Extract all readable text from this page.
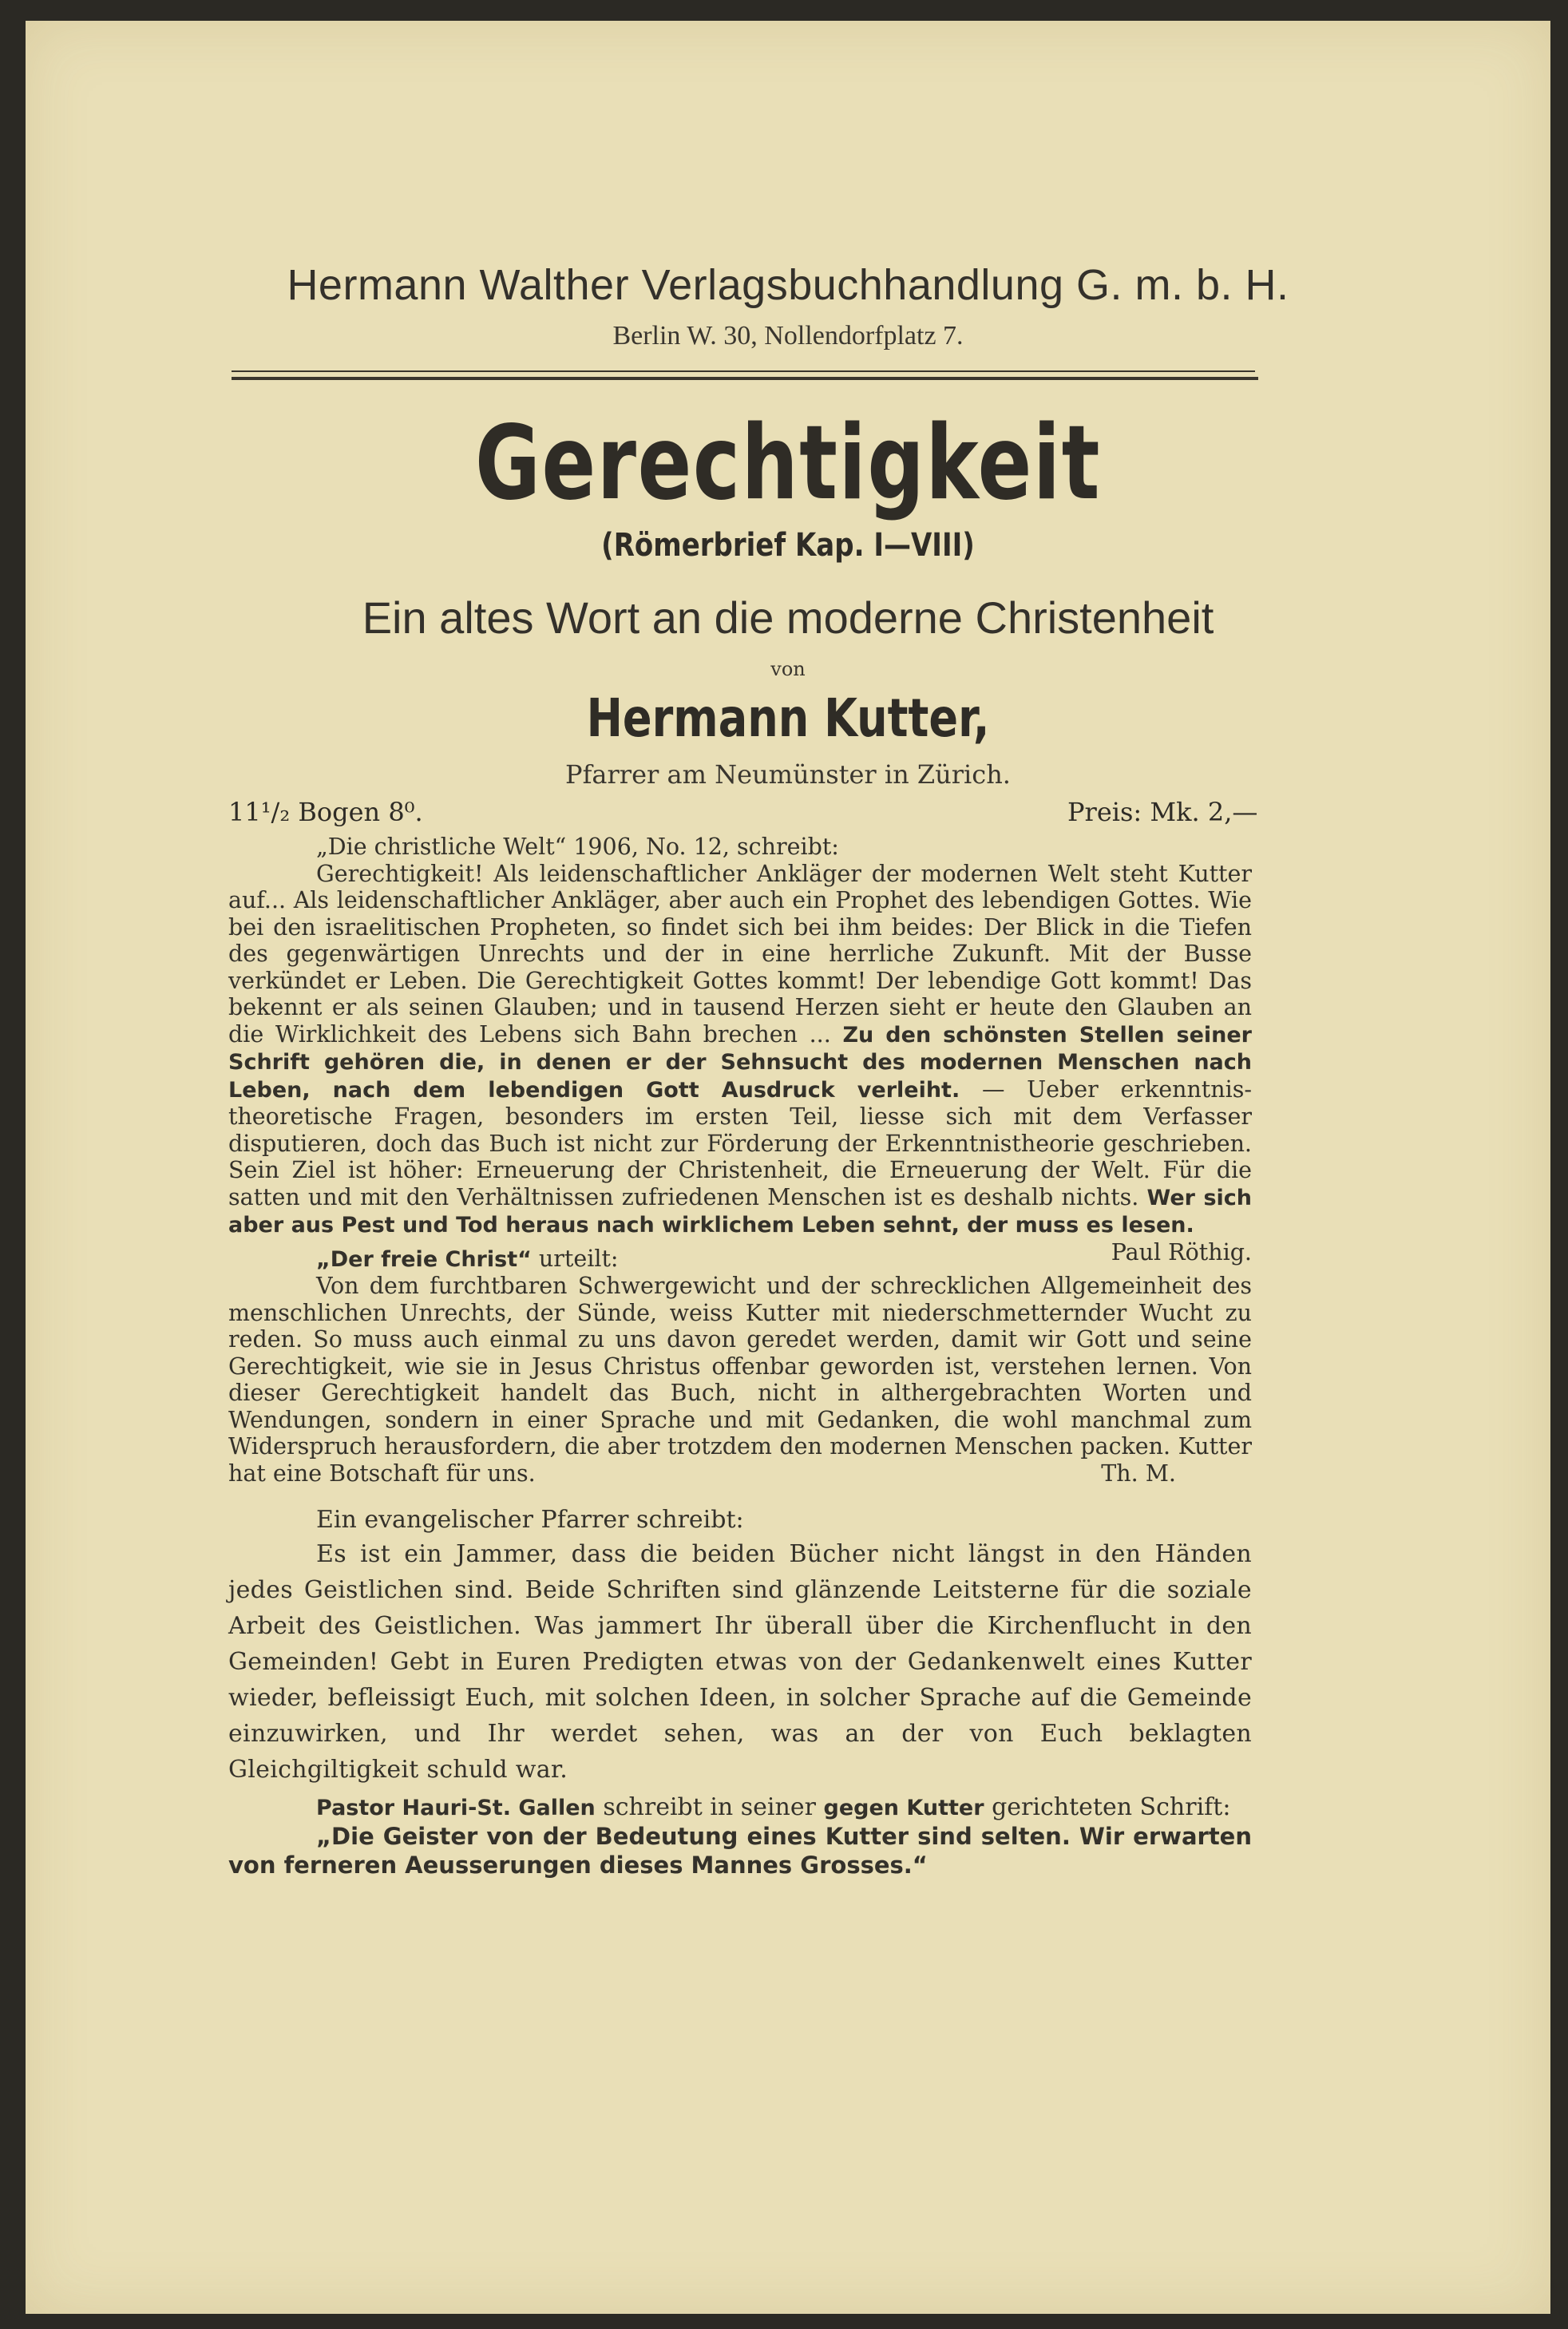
Hermann Walther Verlagsbuchhandlung G. m. b. H.
Berlin W. 30, Nollendorfplatz 7.
Gerechtigkeit
(Römerbrief Kap. I—VIII)
Ein altes Wort an die moderne Christenheit
von
Hermann Kutter,
Pfarrer am Neumünster in Zürich.
11¹/₂ Bogen 8⁰.	Preis: Mk. 2,—

„Die christliche Welt“ 1906, No. 12, schreibt:

Gerechtigkeit! Als leidenschaftlicher Ankläger der modernen Welt steht Kutter auf... Als leidenschaftlicher Ankläger, aber auch ein Prophet des lebendigen Gottes. Wie bei den israelitischen Propheten, so findet sich bei ihm beides: Der Blick in die Tiefen des gegenwärtigen Unrechts und der in eine herrliche Zukunft. Mit der Busse verkündet er Leben. Die Gerechtigkeit Gottes kommt! Der lebendige Gott kommt! Das bekennt er als seinen Glauben; und in tausend Herzen sieht er heute den Glauben an die Wirklichkeit des Lebens sich Bahn brechen ... Zu den schönsten Stellen seiner Schrift gehören die, in denen er der Sehnsucht des modernen Menschen nach Leben, nach dem lebendigen Gott Ausdruck verleiht. — Ueber erkenntnis-theoretische Fragen, besonders im ersten Teil, liesse sich mit dem Verfasser disputieren, doch das Buch ist nicht zur Förderung der Erkenntnistheorie geschrieben. Sein Ziel ist höher: Erneuerung der Christenheit, die Erneuerung der Welt. Für die satten und mit den Verhältnissen zufriedenen Menschen ist es deshalb nichts. Wer sich aber aus Pest und Tod heraus nach wirklichem Leben sehnt, der muss es lesen.
Paul Röthig.

„Der freie Christ“ urteilt:

Von dem furchtbaren Schwergewicht und der schrecklichen Allgemeinheit des menschlichen Unrechts, der Sünde, weiss Kutter mit niederschmetternder Wucht zu reden. So muss auch einmal zu uns davon geredet werden, damit wir Gott und seine Gerechtigkeit, wie sie in Jesus Christus offenbar geworden ist, verstehen lernen. Von dieser Gerechtigkeit handelt das Buch, nicht in althergebrachten Worten und Wendungen, sondern in einer Sprache und mit Gedanken, die wohl manchmal zum Widerspruch herausfordern, die aber trotzdem den modernen Menschen packen. Kutter hat eine Botschaft für uns.	Th. M.

Ein evangelischer Pfarrer schreibt:

Es ist ein Jammer, dass die beiden Bücher nicht längst in den Händen jedes Geistlichen sind. Beide Schriften sind glänzende Leitsterne für die soziale Arbeit des Geistlichen. Was jammert Ihr überall über die Kirchenflucht in den Gemeinden! Gebt in Euren Predigten etwas von der Gedankenwelt eines Kutter wieder, befleissigt Euch, mit solchen Ideen, in solcher Sprache auf die Gemeinde einzuwirken, und Ihr werdet sehen, was an der von Euch beklagten Gleichgiltigkeit schuld war.

Pastor Hauri-St. Gallen schreibt in seiner gegen Kutter gerichteten Schrift:

„Die Geister von der Bedeutung eines Kutter sind selten. Wir erwarten von ferneren Aeusserungen dieses Mannes Grosses.“
